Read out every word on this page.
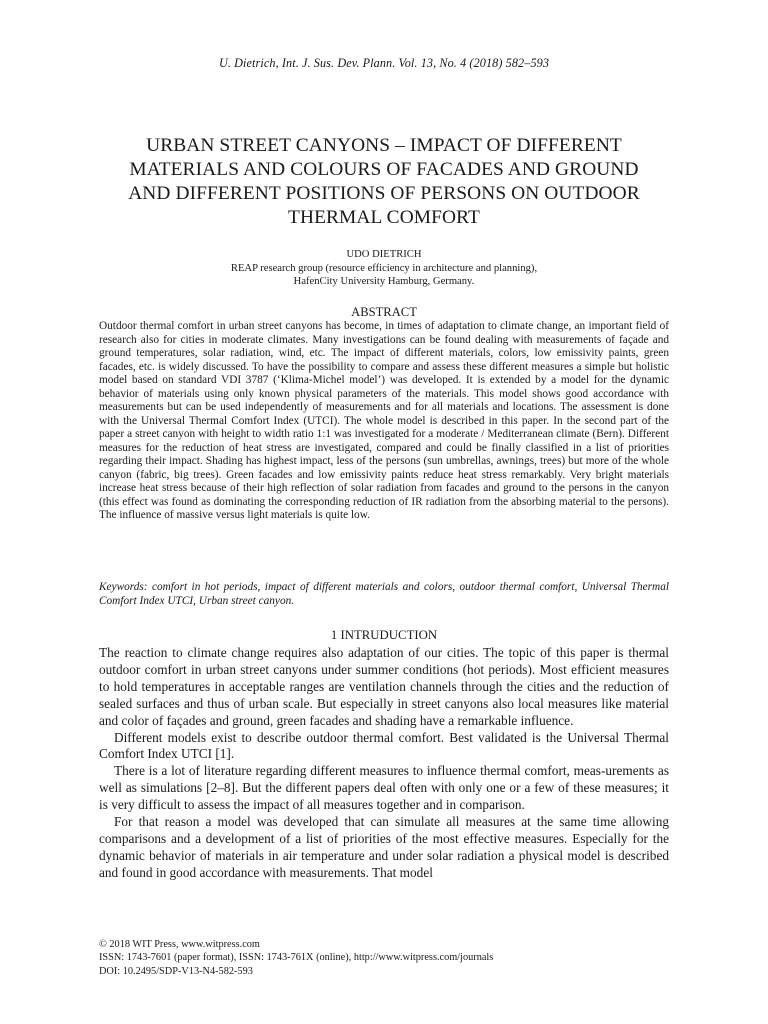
U. Dietrich, Int. J. Sus. Dev. Plann. Vol. 13, No. 4 (2018) 582–593
URBAN STREET CANYONS – IMPACT OF DIFFERENT
MATERIALS AND COLOURS OF FACADES AND GROUND
AND DIFFERENT POSITIONS OF PERSONS ON OUTDOOR
THERMAL COMFORT
UDO DIETRICH
REAP research group (resource efficiency in architecture and planning),
HafenCity University Hamburg, Germany.
ABSTRACT

Outdoor thermal comfort in urban street canyons has become, in times of adaptation to climate change, an important field of research also for cities in moderate climates. Many investigations can be found dealing with measurements of façade and ground temperatures, solar radiation, wind, etc. The impact of different materials, colors, low emissivity paints, green facades, etc. is widely discussed. To have the possibility to compare and assess these different measures a simple but holistic model based on standard VDI 3787 (‘Klima-Michel model’) was developed. It is extended by a model for the dynamic behavior of materials using only known physical parameters of the materials. This model shows good accordance with measurements but can be used independently of measurements and for all materials and locations. The assessment is done with the Universal Thermal Comfort Index (UTCI). The whole model is described in this paper. In the second part of the paper a street canyon with height to width ratio 1:1 was investigated for a moderate / Mediterranean climate (Bern). Different measures for the reduction of heat stress are investigated, compared and could be finally classified in a list of priorities regarding their impact. Shading has highest impact, less of the persons (sun umbrellas, awnings, trees) but more of the whole canyon (fabric, big trees). Green facades and low emissivity paints reduce heat stress remarkably. Very bright materials increase heat stress because of their high reflection of solar radiation from facades and ground to the persons in the canyon (this effect was found as dominating the corresponding reduction of IR radiation from the absorbing material to the persons). The influence of massive versus light materials is quite low.

Keywords: comfort in hot periods, impact of different materials and colors, outdoor thermal comfort, Universal Thermal Comfort Index UTCI, Urban street canyon.

1 INTRUDUCTION

The reaction to climate change requires also adaptation of our cities. The topic of this paper is thermal outdoor comfort in urban street canyons under summer conditions (hot periods). Most efficient measures to hold temperatures in acceptable ranges are ventilation channels through the cities and the reduction of sealed surfaces and thus of urban scale. But especially in street canyons also local measures like material and color of façades and ground, green facades and shading have a remarkable influence.

Different models exist to describe outdoor thermal comfort. Best validated is the Universal Thermal Comfort Index UTCI [1].

There is a lot of literature regarding different measures to influence thermal comfort, meas-urements as well as simulations [2–8]. But the different papers deal often with only one or a few of these measures; it is very difficult to assess the impact of all measures together and in comparison.

For that reason a model was developed that can simulate all measures at the same time allowing comparisons and a development of a list of priorities of the most effective measures. Especially for the dynamic behavior of materials in air temperature and under solar radiation a physical model is described and found in good accordance with measurements. That model

© 2018 WIT Press, www.witpress.com
ISSN: 1743-7601 (paper format), ISSN: 1743-761X (online), http://www.witpress.com/journals
DOI: 10.2495/SDP-V13-N4-582-593
